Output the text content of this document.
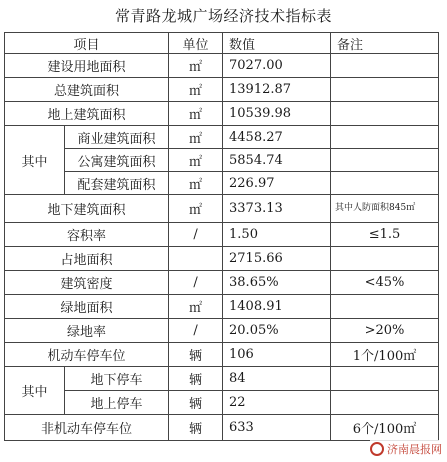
常青路龙城广场经济技术指标表
项目		单位	数值	备注
建设用地面积		㎡	7027.00	
总建筑面积		㎡	13912.87	
地上建筑面积		㎡	10539.98	
其中	商业建筑面积	㎡	4458.27	
	公寓建筑面积	㎡	5854.74	
	配套建筑面积	㎡	226.97	
地下建筑面积		㎡	3373.13	其中人防面积845㎡
容积率		/	1.50	≤1.5
占地面积			2715.66	
建筑密度		/	38.65%	<45%
绿地面积		㎡	1408.91	
绿地率		/	20.05%	>20%
机动车停车位		辆	106	1个/100㎡
其中	地下停车	辆	84	
	地上停车	辆	22	
非机动车停车位		辆	633	6个/100㎡
济南晨报网
